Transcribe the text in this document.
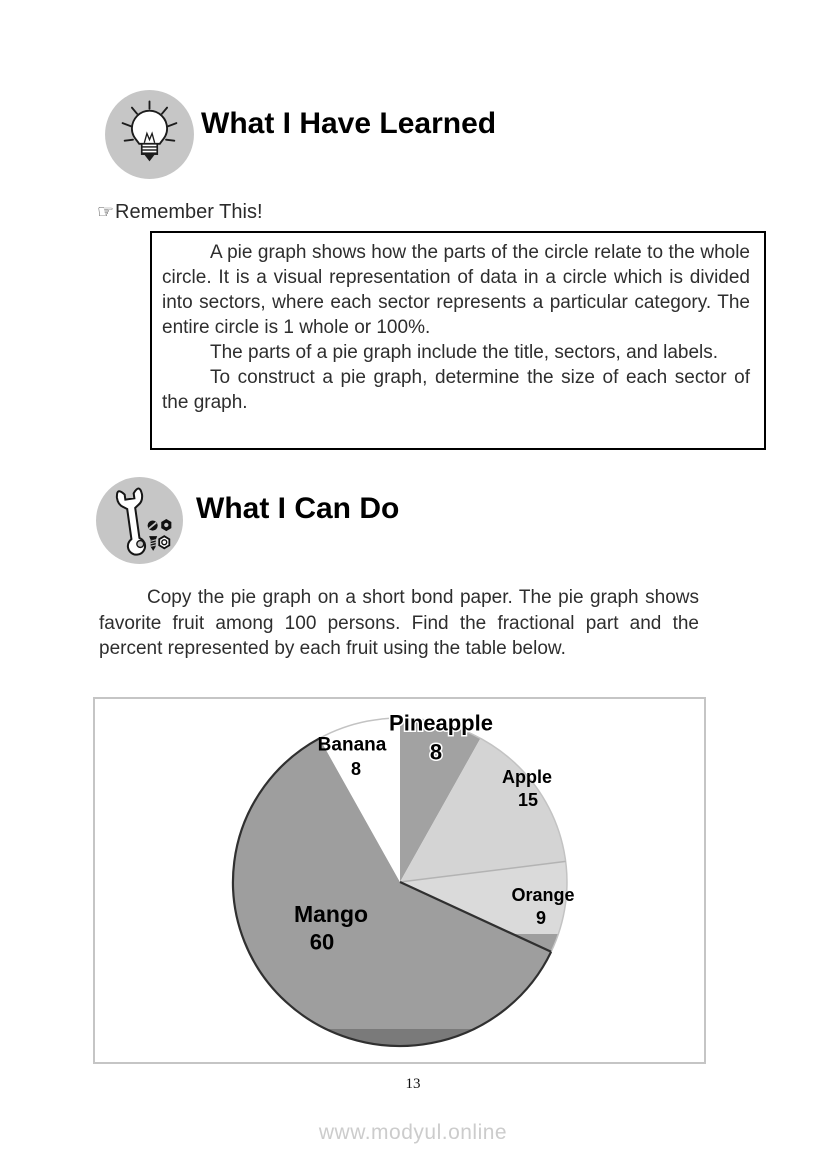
What I Have Learned
☞Remember This!

A pie graph shows how the parts of the circle relate to the whole circle. It is a visual representation of data in a circle which is divided into sectors, where each sector represents a particular category. The entire circle is 1 whole or 100%.

The parts of a pie graph include the title, sectors, and labels.

To construct a pie graph, determine the size of each sector of the graph.

What I Can Do

Copy the pie graph on a short bond paper. The pie graph shows favorite fruit among 100 persons. Find the fractional part and the percent represented by each fruit using the table below.

Pineapple
8
Apple
15
Orange
9
Mango
60
Banana
8
13
www.modyul.online
